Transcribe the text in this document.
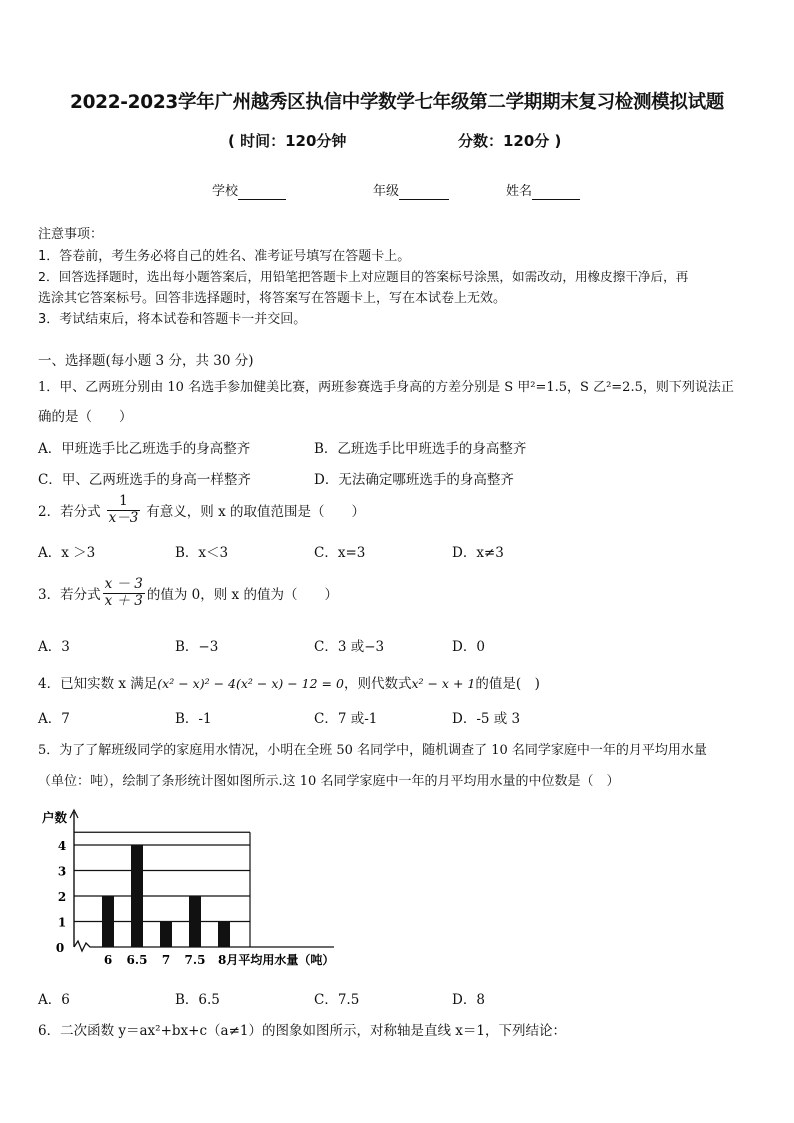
2022-2023学年广州越秀区执信中学数学七年级第二学期期末复习检测模拟试题
( 时间：120分钟	分数：120分 )
学校	年级	姓名
注意事项：
1．答卷前，考生务必将自己的姓名、准考证号填写在答题卡上。
2．回答选择题时，选出每小题答案后，用铅笔把答题卡上对应题目的答案标号涂黑，如需改动，用橡皮擦干净后，再
选涂其它答案标号。回答非选择题时，将答案写在答题卡上，写在本试卷上无效。
3．考试结束后，将本试卷和答题卡一并交回。
一、选择题(每小题 3 分，共 30 分)
1．甲、乙两班分别由 10 名选手参加健美比赛，两班参赛选手身高的方差分别是 S 甲²=1.5，S 乙²=2.5，则下列说法正
确的是（　　）
A．甲班选手比乙班选手的身高整齐	B．乙班选手比甲班选手的身高整齐
C．甲、乙两班选手的身高一样整齐	D．无法确定哪班选手的身高整齐
2．若分式 $\frac{1}{x-3}$ 有意义，则 x 的取值范围是（　　）
A．x ＞3	B．x＜3	C．x=3	D．x≠3
3．若分式 $\frac{x - 3}{x + 3}$ 的值为 0，则 x 的值为（　　）
A．3	B．−3	C．3 或−3	D．0
4．已知实数 x 满足(x² − x)² − 4(x² − x) − 12 = 0，则代数式x² − x + 1的值是(　)
A．7	B．-1	C．7 或-1	D．-5 或 3
5．为了了解班级同学的家庭用水情况，小明在全班 50 名同学中，随机调查了 10 名同学家庭中一年的月平均用水量
（单位：吨），绘制了条形统计图如图所示.这 10 名同学家庭中一年的月平均用水量的中位数是（　）
1
2
3
4
6 6.5 7 7.5
户数
0
8月平均用水量（吨）
A．6	B．6.5	C．7.5	D．8
6．二次函数 y＝ax²+bx+c（a≠1）的图象如图所示，对称轴是直线 x＝1，下列结论：
